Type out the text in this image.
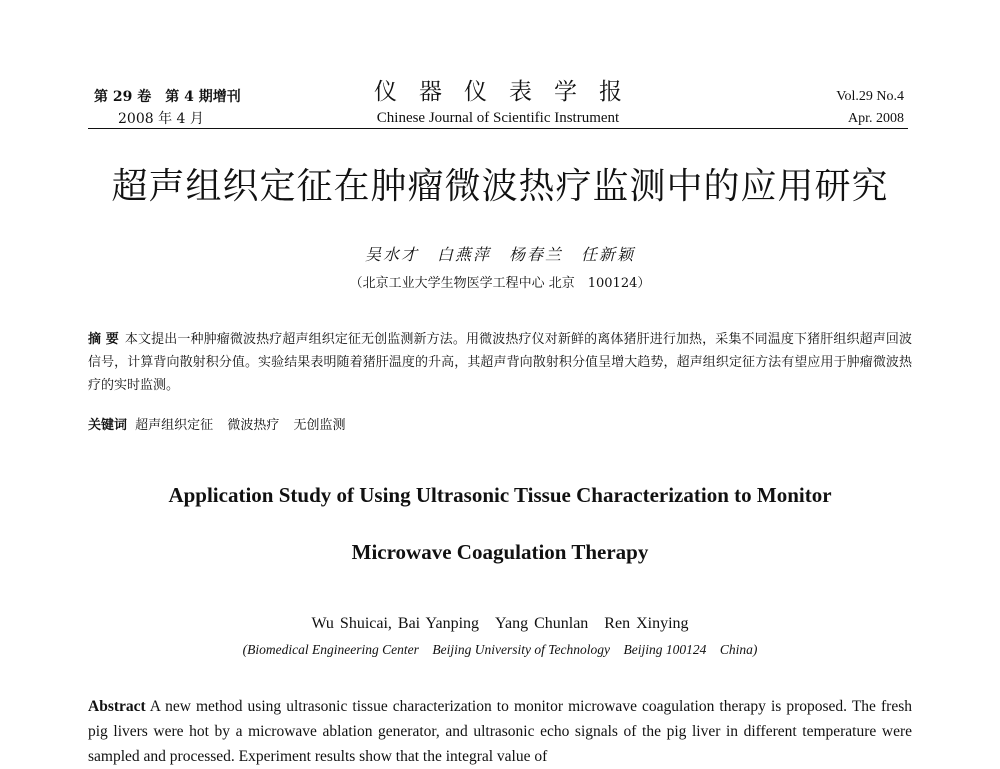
第 29 卷　第 4 期增刊
2008 年 4 月
仪器仪表学报
Chinese Journal of Scientific Instrument
Vol.29 No.4
Apr. 2008
超声组织定征在肿瘤微波热疗监测中的应用研究
吴水才　白燕萍　杨春兰　任新颖
（北京工业大学生物医学工程中心 北京　100124）
摘 要 本文提出一种肿瘤微波热疗超声组织定征无创监测新方法。用微波热疗仪对新鲜的离体猪肝进行加热，采集不同温度下猪肝组织超声回波信号，计算背向散射积分值。实验结果表明随着猪肝温度的升高，其超声背向散射积分值呈增大趋势，超声组织定征方法有望应用于肿瘤微波热疗的实时监测。
关键词 超声组织定征 微波热疗 无创监测
Application Study of Using Ultrasonic Tissue Characterization to Monitor
Microwave Coagulation Therapy
Wu Shuicai, Bai Yanping　Yang Chunlan　Ren Xinying
(Biomedical Engineering Center　Beijing University of Technology　Beijing 100124　China)
Abstract A new method using ultrasonic tissue characterization to monitor microwave coagulation therapy is proposed. The fresh pig livers were hot by a microwave ablation generator, and ultrasonic echo signals of the pig liver in different temperature were sampled and processed. Experiment results show that the integral value of
